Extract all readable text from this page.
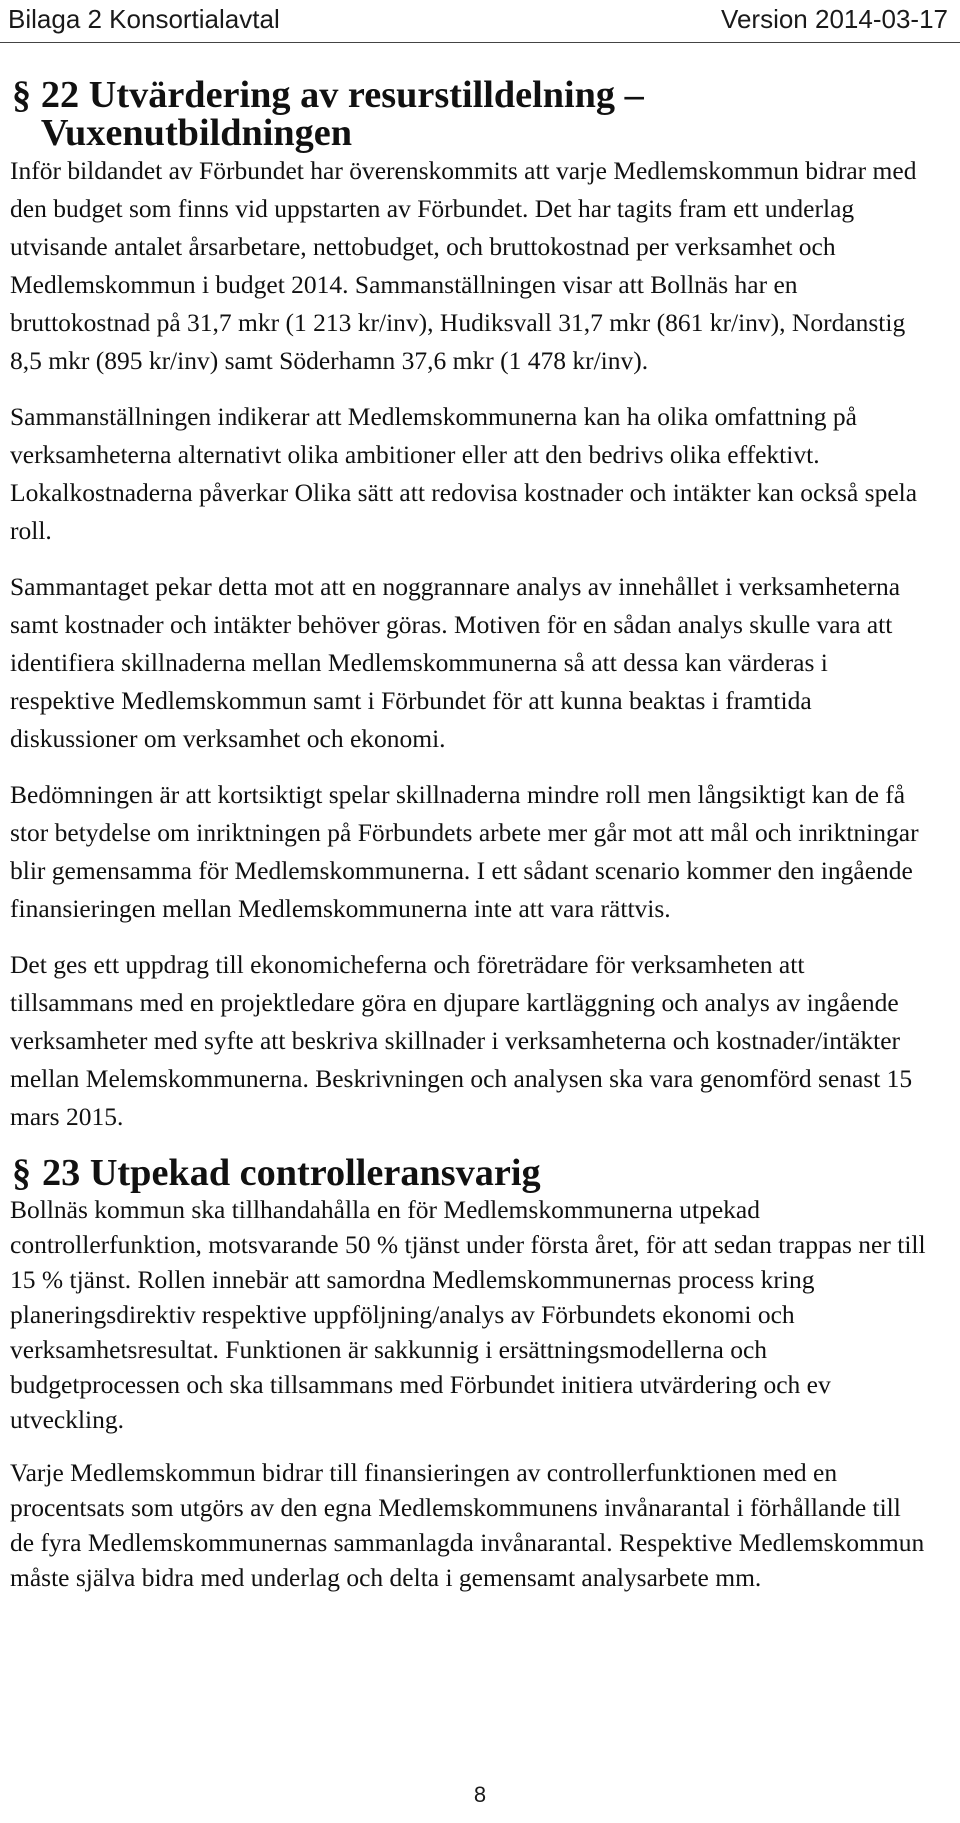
Bilaga 2 Konsortialavtal	Version 2014-03-17
§ 22 Utvärdering av resurstilldelning – Vuxenutbildningen

Inför bildandet av Förbundet har överenskommits att varje Medlemskommun bidrar med den budget som finns vid uppstarten av Förbundet. Det har tagits fram ett underlag utvisande antalet årsarbetare, nettobudget, och bruttokostnad per verksamhet och Medlemskommun i budget 2014. Sammanställningen visar att Bollnäs har en bruttokostnad på 31,7 mkr (1 213 kr/inv), Hudiksvall 31,7 mkr (861 kr/inv), Nordanstig 8,5 mkr (895 kr/inv) samt Söderhamn 37,6 mkr (1 478 kr/inv).

Sammanställningen indikerar att Medlemskommunerna kan ha olika omfattning på verksamheterna alternativt olika ambitioner eller att den bedrivs olika effektivt. Lokalkostnaderna påverkar Olika sätt att redovisa kostnader och intäkter kan också spela roll.

Sammantaget pekar detta mot att en noggrannare analys av innehållet i verksamheterna samt kostnader och intäkter behöver göras. Motiven för en sådan analys skulle vara att identifiera skillnaderna mellan Medlemskommunerna så att dessa kan värderas i respektive Medlemskommun samt i Förbundet för att kunna beaktas i framtida diskussioner om verksamhet och ekonomi.

Bedömningen är att kortsiktigt spelar skillnaderna mindre roll men långsiktigt kan de få stor betydelse om inriktningen på Förbundets arbete mer går mot att mål och inriktningar blir gemensamma för Medlemskommunerna. I ett sådant scenario kommer den ingående finansieringen mellan Medlemskommunerna inte att vara rättvis.

Det ges ett uppdrag till ekonomicheferna och företrädare för verksamheten att tillsammans med en projektledare göra en djupare kartläggning och analys av ingående verksamheter med syfte att beskriva skillnader i verksamheterna och kostnader/intäkter mellan Melemskommunerna. Beskrivningen och analysen ska vara genomförd senast 15 mars 2015.

§ 23 Utpekad controlleransvarig

Bollnäs kommun ska tillhandahålla en för Medlemskommunerna utpekad controllerfunktion, motsvarande 50 % tjänst under första året, för att sedan trappas ner till 15 % tjänst. Rollen innebär att samordna Medlemskommunernas process kring planeringsdirektiv respektive uppföljning/analys av Förbundets ekonomi och verksamhetsresultat. Funktionen är sakkunnig i ersättningsmodellerna och budgetprocessen och ska tillsammans med Förbundet initiera utvärdering och ev utveckling.

Varje Medlemskommun bidrar till finansieringen av controllerfunktionen med en procentsats som utgörs av den egna Medlemskommunens invånarantal i förhållande till de fyra Medlemskommunernas sammanlagda invånarantal. Respektive Medlemskommun måste själva bidra med underlag och delta i gemensamt analysarbete mm.

8
